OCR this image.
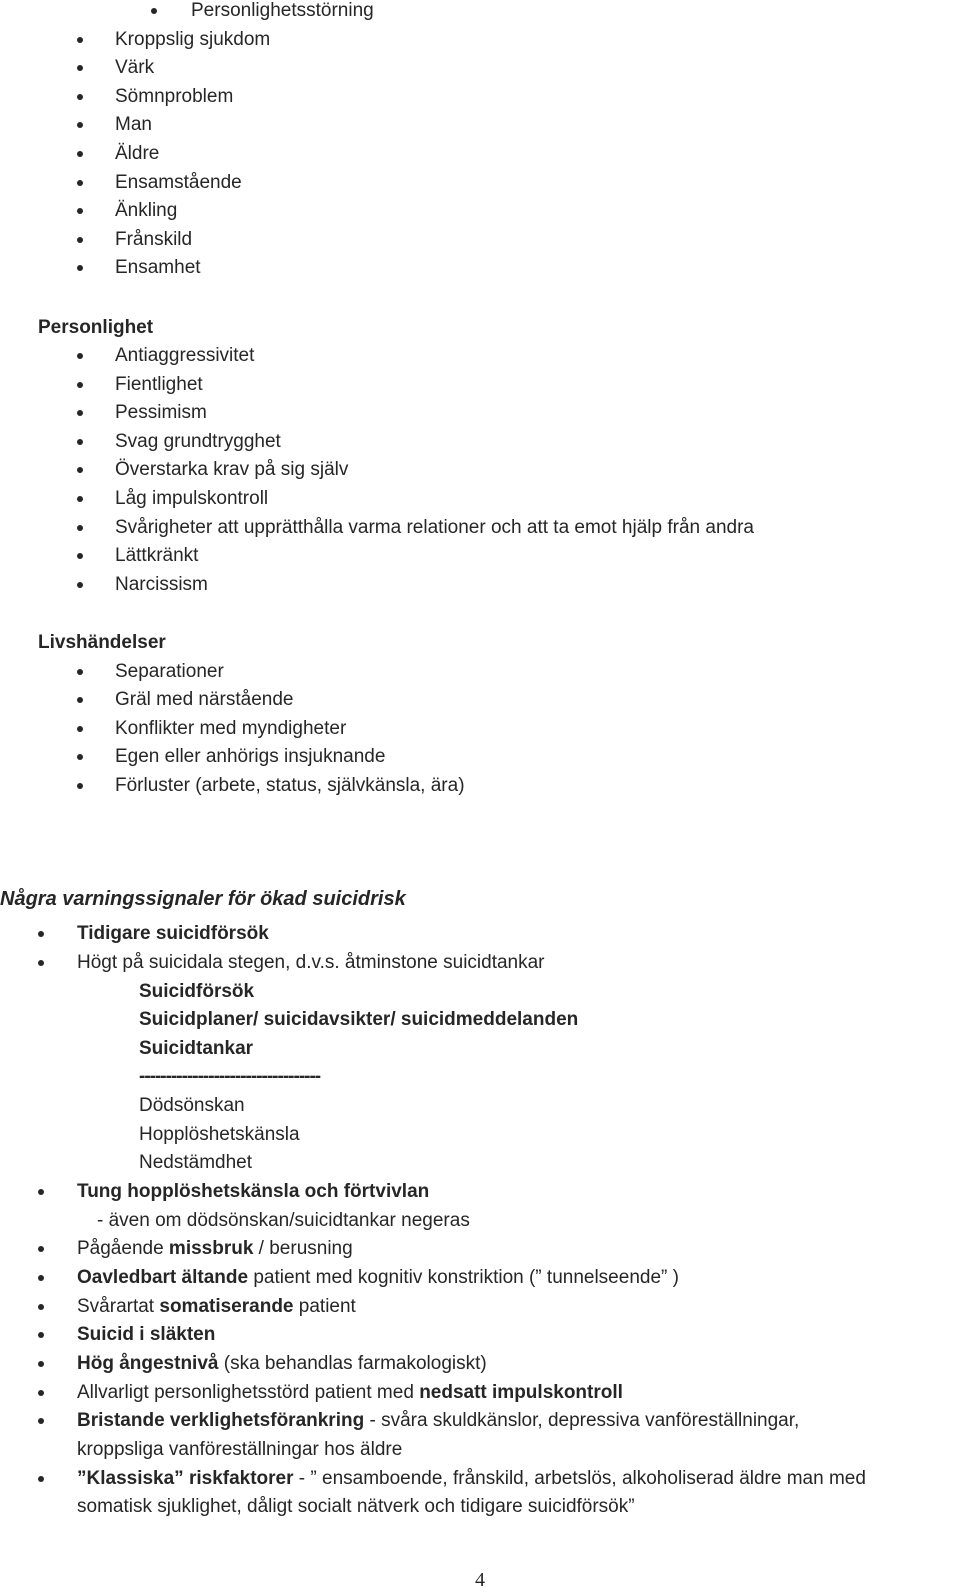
Personlighetsstörning
Kroppslig sjukdom
Värk
Sömnproblem
Man
Äldre
Ensamstående
Änkling
Frånskild
Ensamhet
Personlighet
Antiaggressivitet
Fientlighet
Pessimism
Svag grundtrygghet
Överstarka krav på sig själv
Låg impulskontroll
Svårigheter att upprätthålla varma relationer och att ta emot hjälp från andra
Lättkränkt
Narcissism
Livshändelser
Separationer
Gräl med närstående
Konflikter med myndigheter
Egen eller anhörigs insjuknande
Förluster (arbete, status, självkänsla, ära)
Några varningssignaler för ökad suicidrisk
Tidigare suicidförsök
Högt på suicidala stegen, d.v.s. åtminstone suicidtankar
Suicidförsök
Suicidplaner/ suicidavsikter/ suicidmeddelanden
Suicidtankar
----------------------------------
Dödsönskan
Hopplöshetskänsla
Nedstämdhet
Tung hopplöshetskänsla och förtvivlan
- även om dödsönskan/suicidtankar negeras
Pågående missbruk / berusning
Oavledbart ältande patient med kognitiv konstriktion (” tunnelseende” )
Svårartat somatiserande patient
Suicid i släkten
Hög ångestnivå (ska behandlas farmakologiskt)
Allvarligt personlighetsstörd patient med nedsatt impulskontroll
Bristande verklighetsförankring - svåra skuldkänslor, depressiva vanföreställningar,
kroppsliga vanföreställningar hos äldre
”Klassiska” riskfaktorer - ” ensamboende, frånskild, arbetslös, alkoholiserad äldre man med
somatisk sjuklighet, dåligt socialt nätverk och tidigare suicidförsök”
4
